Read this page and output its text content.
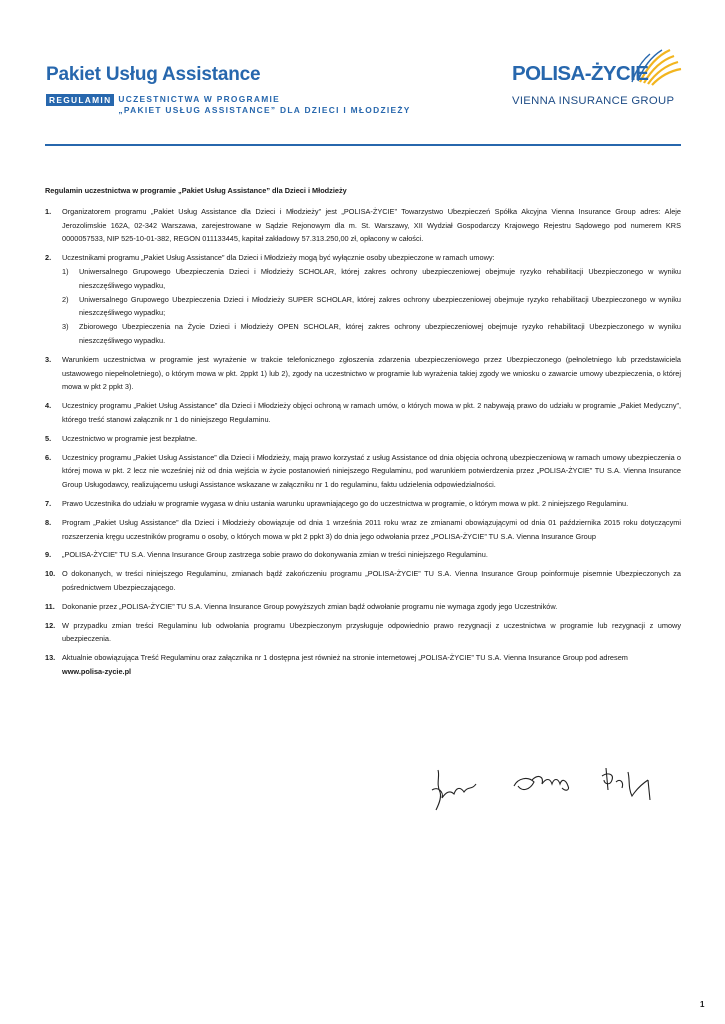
Pakiet Usług Assistance
REGULAMIN UCZESTNICTWA W PROGRAMIE
„PAKIET USŁUG ASSISTANCE” DLA DZIECI I MŁODZIEŻY
POLISA-ŻYCIE
VIENNA INSURANCE GROUP
Regulamin uczestnictwa w programie „Pakiet Usług Assistance” dla Dzieci i Młodzieży
1.	Organizatorem programu „Pakiet Usług Assistance dla Dzieci i Młodzieży” jest „POLISA-ŻYCIE” Towarzystwo Ubezpieczeń Spółka Akcyjna Vienna Insurance Group adres: Aleje Jerozolimskie 162A, 02-342 Warszawa, zarejestrowane w Sądzie Rejonowym dla m. St. Warszawy, XII Wydział Gospodarczy Krajowego Rejestru Sądowego pod numerem KRS 0000057533, NIP 525-10-01-382, REGON 011133445, kapitał zakładowy 57.313.250,00 zł, opłacony w całości.
2.	Uczestnikami programu „Pakiet Usług Assistance” dla Dzieci i Młodzieży mogą być wyłącznie osoby ubezpieczone w ramach umowy:
1)	Uniwersalnego Grupowego Ubezpieczenia Dzieci i Młodzieży SCHOLAR, której zakres ochrony ubezpieczeniowej obejmuje ryzyko rehabilitacji Ubezpieczonego w wyniku nieszczęśliwego wypadku,
2)	Uniwersalnego Grupowego Ubezpieczenia Dzieci i Młodzieży SUPER SCHOLAR, której zakres ochrony ubezpieczeniowej obejmuje ryzyko rehabilitacji Ubezpieczonego w wyniku nieszczęśliwego wypadku;
3)	Zbiorowego Ubezpieczenia na Życie Dzieci i Młodzieży OPEN SCHOLAR, której zakres ochrony ubezpieczeniowej obejmuje ryzyko rehabilitacji Ubezpieczonego w wyniku nieszczęśliwego wypadku.
3.	Warunkiem uczestnictwa w programie jest wyrażenie w trakcie telefonicznego zgłoszenia zdarzenia ubezpieczeniowego przez Ubezpieczonego (pełnoletniego lub przedstawiciela ustawowego niepełnoletniego), o którym mowa w pkt. 2ppkt 1) lub 2), zgody na uczestnictwo w programie lub wyrażenia takiej zgody we wniosku o zawarcie umowy ubezpieczenia, o której mowa w pkt 2 ppkt 3).
4.	Uczestnicy programu „Pakiet Usług Assistance” dla Dzieci i Młodzieży objęci ochroną w ramach umów, o których mowa w pkt. 2 nabywają prawo do udziału w programie „Pakiet Medyczny”, którego treść stanowi załącznik nr 1 do niniejszego Regulaminu.
5.	Uczestnictwo w programie jest bezpłatne.
6.	Uczestnicy programu „Pakiet Usług Assistance” dla Dzieci i Młodzieży, mają prawo korzystać z usług Assistance od dnia objęcia ochroną ubezpieczeniową w ramach umowy ubezpieczenia o której mowa w pkt. 2 lecz nie wcześniej niż od dnia wejścia w życie postanowień niniejszego Regulaminu, pod warunkiem potwierdzenia przez „POLISA-ŻYCIE” TU S.A. Vienna Insurance Group Usługodawcy, realizującemu usługi Assistance wskazane w załączniku nr 1 do regulaminu, faktu udzielenia odpowiedzialności.
7.	Prawo Uczestnika do udziału w programie wygasa w dniu ustania warunku uprawniającego go do uczestnictwa w programie, o którym mowa w pkt. 2 niniejszego Regulaminu.
8.	Program „Pakiet Usług Assistance” dla Dzieci i Młodzieży obowiązuje od dnia 1 września 2011 roku wraz ze zmianami obowiązującymi od dnia 01 października 2015 roku dotyczącymi rozszerzenia kręgu uczestników programu o osoby, o których mowa w pkt 2 ppkt 3) do dnia jego odwołania przez „POLISA-ŻYCIE” TU S.A. Vienna Insurance Group
9.	„POLISA-ŻYCIE” TU S.A. Vienna Insurance Group zastrzega sobie prawo do dokonywania zmian w treści niniejszego Regulaminu.
10. O dokonanych, w treści niniejszego Regulaminu, zmianach bądź zakończeniu programu „POLISA-ŻYCIE” TU S.A. Vienna Insurance Group poinformuje pisemnie Ubezpieczonych za pośrednictwem Ubezpieczającego.
11. Dokonanie przez „POLISA-ŻYCIE” TU S.A. Vienna Insurance Group powyższych zmian bądź odwołanie programu nie wymaga zgody jego Uczestników.
12. W przypadku zmian treści Regulaminu lub odwołania programu Ubezpieczonym przysługuje odpowiednio prawo rezygnacji z uczestnictwa w programie lub rezygnacji z umowy ubezpieczenia.
13. Aktualnie obowiązująca Treść Regulaminu oraz załącznika nr 1 dostępna jest również na stronie internetowej „POLISA-ŻYCIE” TU S.A. Vienna Insurance Group pod adresem
www.polisa-zycie.pl
1
